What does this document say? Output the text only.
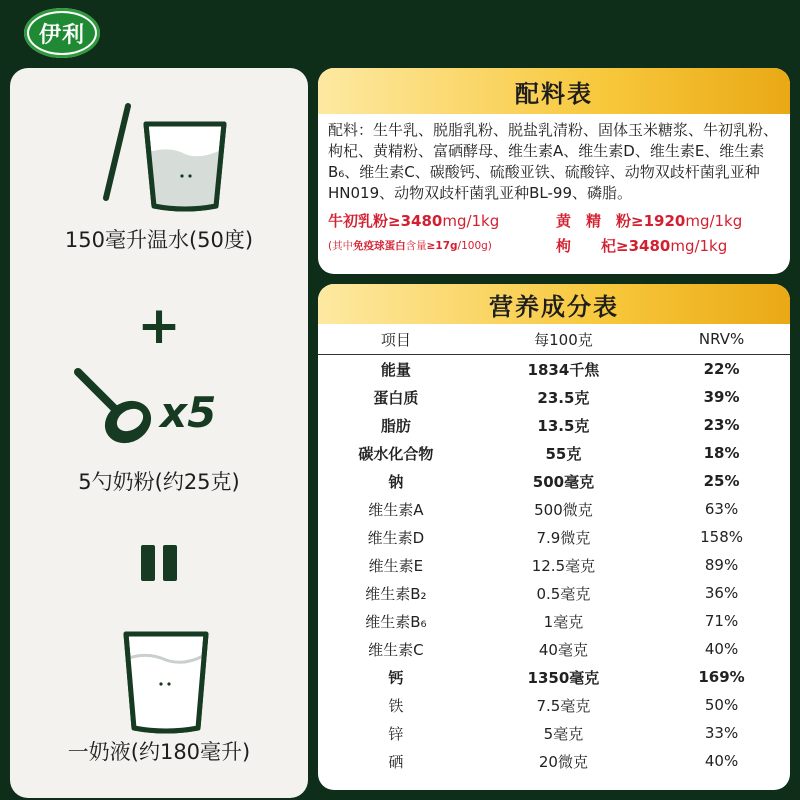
伊利
150毫升温水(50度)
+
x5
5勺奶粉(约25克)
一奶液(约180毫升)
配料表
配料：生牛乳、脱脂乳粉、脱盐乳清粉、固体玉米糖浆、牛初乳粉、枸杞、黄精粉、富硒酵母、维生素A、维生素D、维生素E、维生素B₆、维生素C、碳酸钙、硫酸亚铁、硫酸锌、动物双歧杆菌乳亚种HN019、动物双歧杆菌乳亚种BL-99、磷脂。
牛初乳粉≥3480mg/1kg	黄　精　粉≥1920mg/1kg
(其中免疫球蛋白含量≥17g/100g)	枸　　杞≥3480mg/1kg
营养成分表
项目	每100克	NRV%
能量	1834千焦	22%
蛋白质	23.5克	39%
脂肪	13.5克	23%
碳水化合物	55克	18%
钠	500毫克	25%
维生素A	500微克	63%
维生素D	7.9微克	158%
维生素E	12.5毫克	89%
维生素B₂	0.5毫克	36%
维生素B₆	1毫克	71%
维生素C	40毫克	40%
钙	1350毫克	169%
铁	7.5毫克	50%
锌	5毫克	33%
硒	20微克	40%
